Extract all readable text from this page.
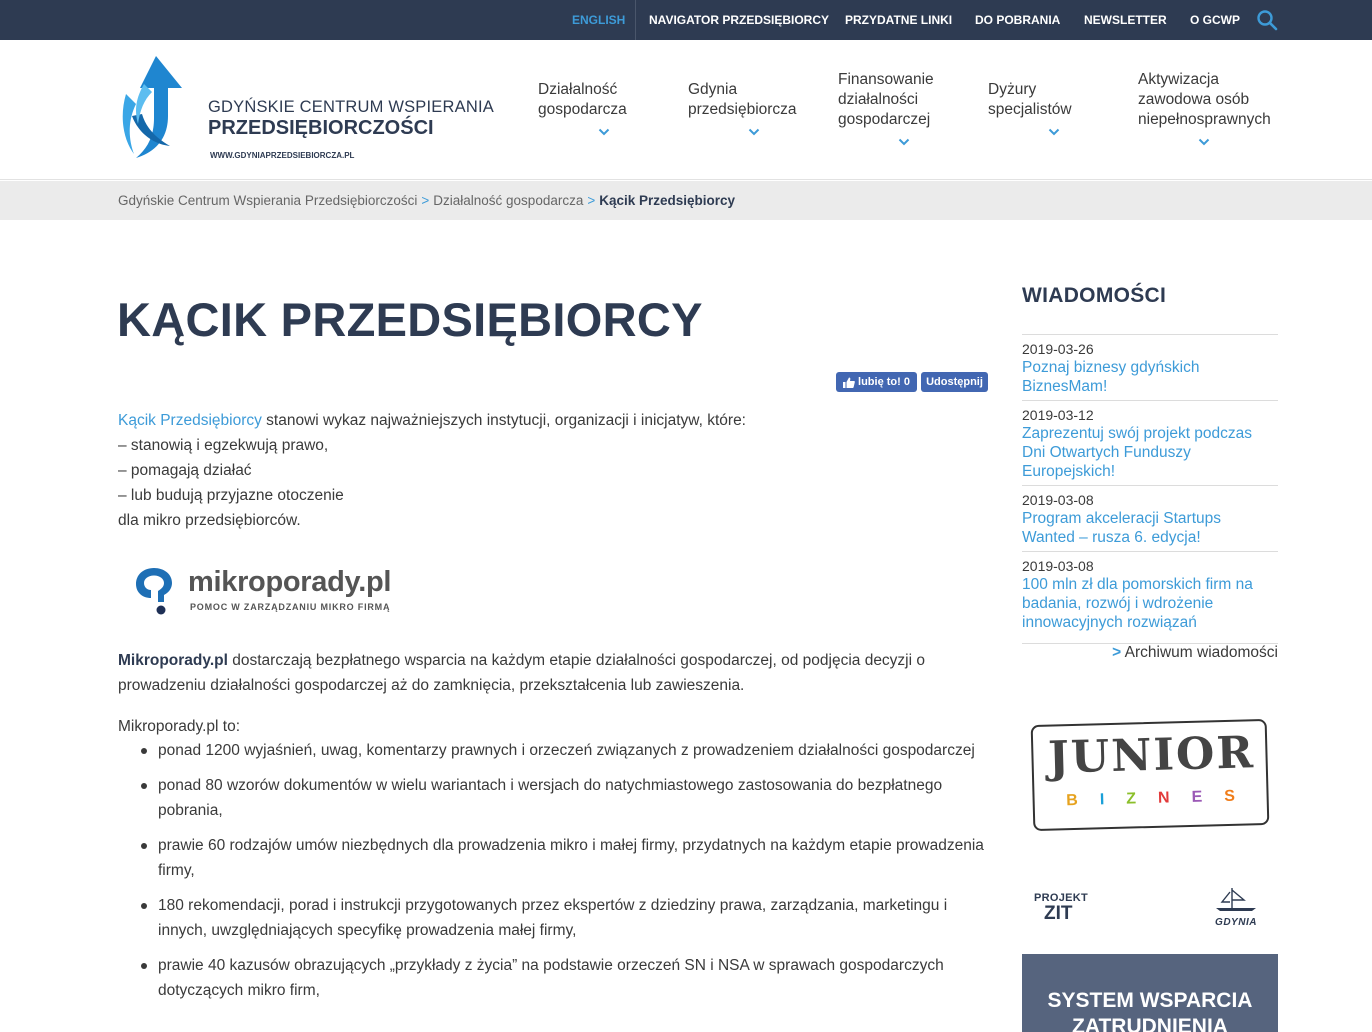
ENGLISH NAVIGATOR PRZEDSIĘBIORCY PRZYDATNE LINKI DO POBRANIA NEWSLETTER O GCWP
GDYŃSKIE CENTRUM WSPIERANIA
PRZEDSIĘBIORCZOŚCI
WWW.GDYNIAPRZEDSIEBIORCZA.PL
Działalność
gospodarcza
Gdynia
przedsiębiorcza
Finansowanie
działalności
gospodarczej
Dyżury
specjalistów
Aktywizacja
zawodowa osób
niepełnosprawnych
Gdyńskie Centrum Wspierania Przedsiębiorczości > Działalność gospodarcza > Kącik Przedsiębiorcy
KĄCIK PRZEDSIĘBIORCY
lubię to! 0	Udostępnij
Kącik Przedsiębiorcy stanowi wykaz najważniejszych instytucji, organizacji i inicjatyw, które:
– stanowią i egzekwują prawo,
– pomagają działać
– lub budują przyjazne otoczenie
dla mikro przedsiębiorców.
mikroporady.pl
POMOC W ZARZĄDZANIU MIKRO FIRMĄ
Mikroporady.pl dostarczają bezpłatnego wsparcia na każdym etapie działalności gospodarczej, od podjęcia decyzji o prowadzeniu działalności gospodarczej aż do zamknięcia, przekształcenia lub zawieszenia.
Mikroporady.pl to:
ponad 1200 wyjaśnień, uwag, komentarzy prawnych i orzeczeń związanych z prowadzeniem działalności gospodarczej
ponad 80 wzorów dokumentów w wielu wariantach i wersjach do natychmiastowego zastosowania do bezpłatnego pobrania,
prawie 60 rodzajów umów niezbędnych dla prowadzenia mikro i małej firmy, przydatnych na każdym etapie prowadzenia firmy,
180 rekomendacji, porad i instrukcji przygotowanych przez ekspertów z dziedziny prawa, zarządzania, marketingu i innych, uwzględniających specyfikę prowadzenia małej firmy,
prawie 40 kazusów obrazujących „przykłady z życia” na podstawie orzeczeń SN i NSA w sprawach gospodarczych dotyczących mikro firm,
WIADOMOŚCI
2019-03-26
Poznaj biznesy gdyńskich
BiznesMam!
2019-03-12
Zaprezentuj swój projekt podczas
Dni Otwartych Funduszy
Europejskich!
2019-03-08
Program akceleracji Startups
Wanted – rusza 6. edycja!
2019-03-08
100 mln zł dla pomorskich firm na
badania, rozwój i wdrożenie
innowacyjnych rozwiązań
> Archiwum wiadomości
JUNIOR
B I Z N E S
PROJEKT
ZIT	GDYNIA
SYSTEM WSPARCIA ZATRUDNIENIA
